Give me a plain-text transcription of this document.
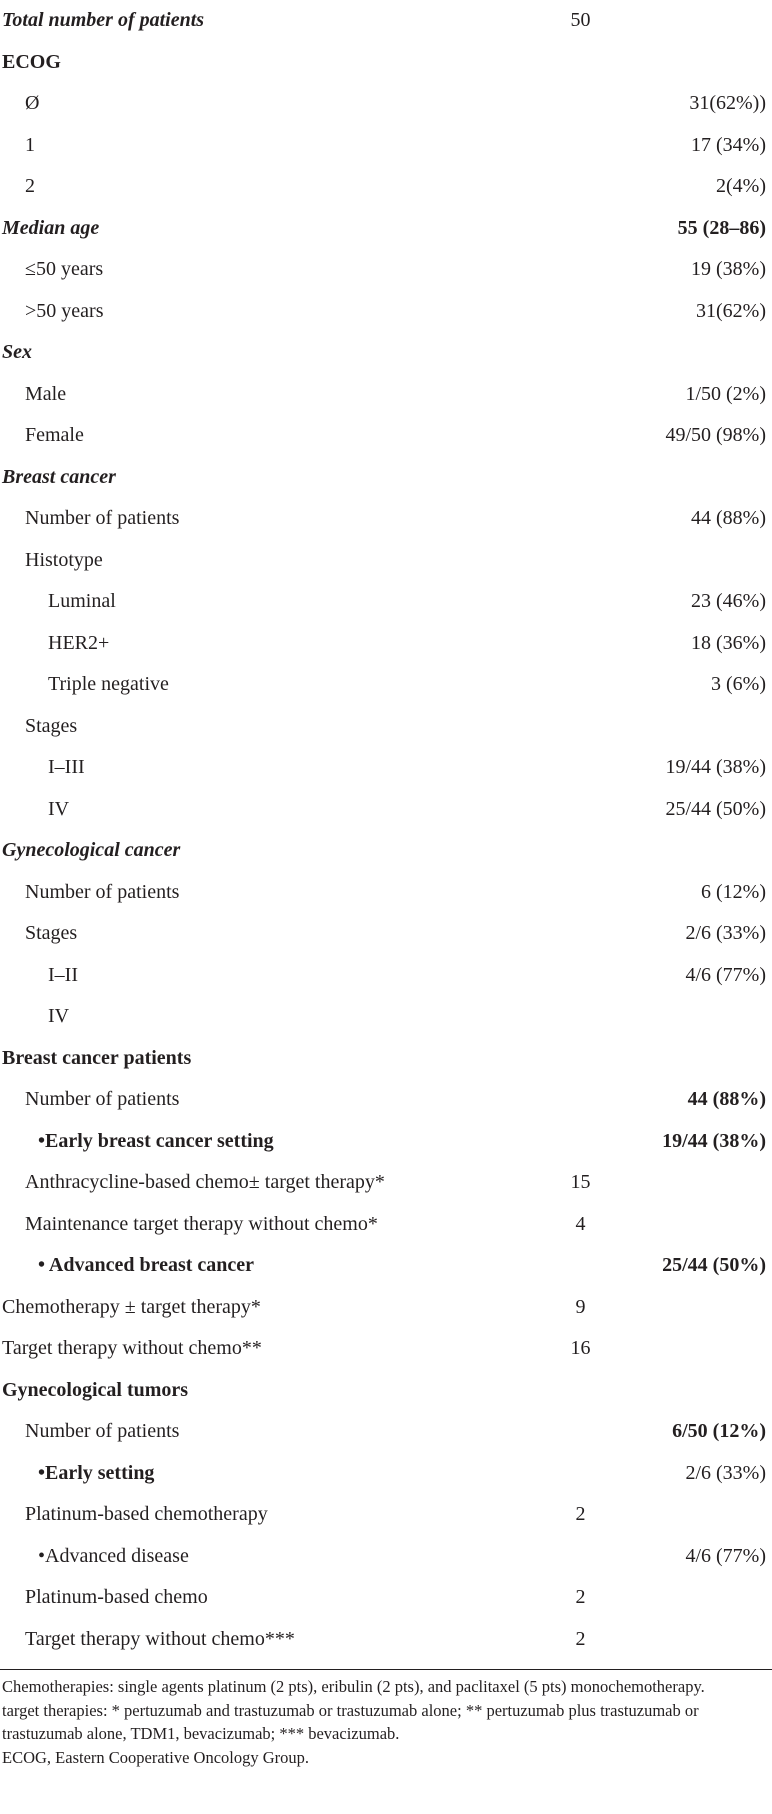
Total number of patients	50
ECOG
Ø	31(62%))
1	17 (34%)
2	2(4%)
Median age	55 (28–86)
≤50 years	19 (38%)
>50 years	31(62%)
Sex
Male	1/50 (2%)
Female	49/50 (98%)
Breast cancer
Number of patients	44 (88%)
Histotype
Luminal	23 (46%)
HER2+	18 (36%)
Triple negative	3 (6%)
Stages
I–III	19/44 (38%)
IV	25/44 (50%)
Gynecological cancer
Number of patients	6 (12%)
Stages	2/6 (33%)
I–II	4/6 (77%)
IV
Breast cancer patients
Number of patients	44 (88%)
•Early breast cancer setting	19/44 (38%)
Anthracycline-based chemo± target therapy*	15
Maintenance target therapy without chemo*	4
• Advanced breast cancer	25/44 (50%)
Chemotherapy ± target therapy*	9
Target therapy without chemo**	16
Gynecological tumors
Number of patients	6/50 (12%)
•Early setting	2/6 (33%)
Platinum-based chemotherapy	2
•Advanced disease	4/6 (77%)
Platinum-based chemo	2
Target therapy without chemo***	2

Chemotherapies: single agents platinum (2 pts), eribulin (2 pts), and paclitaxel (5 pts) monochemotherapy.

target therapies: * pertuzumab and trastuzumab or trastuzumab alone; ** pertuzumab plus trastuzumab or trastuzumab alone, TDM1, bevacizumab; *** bevacizumab.

ECOG, Eastern Cooperative Oncology Group.
